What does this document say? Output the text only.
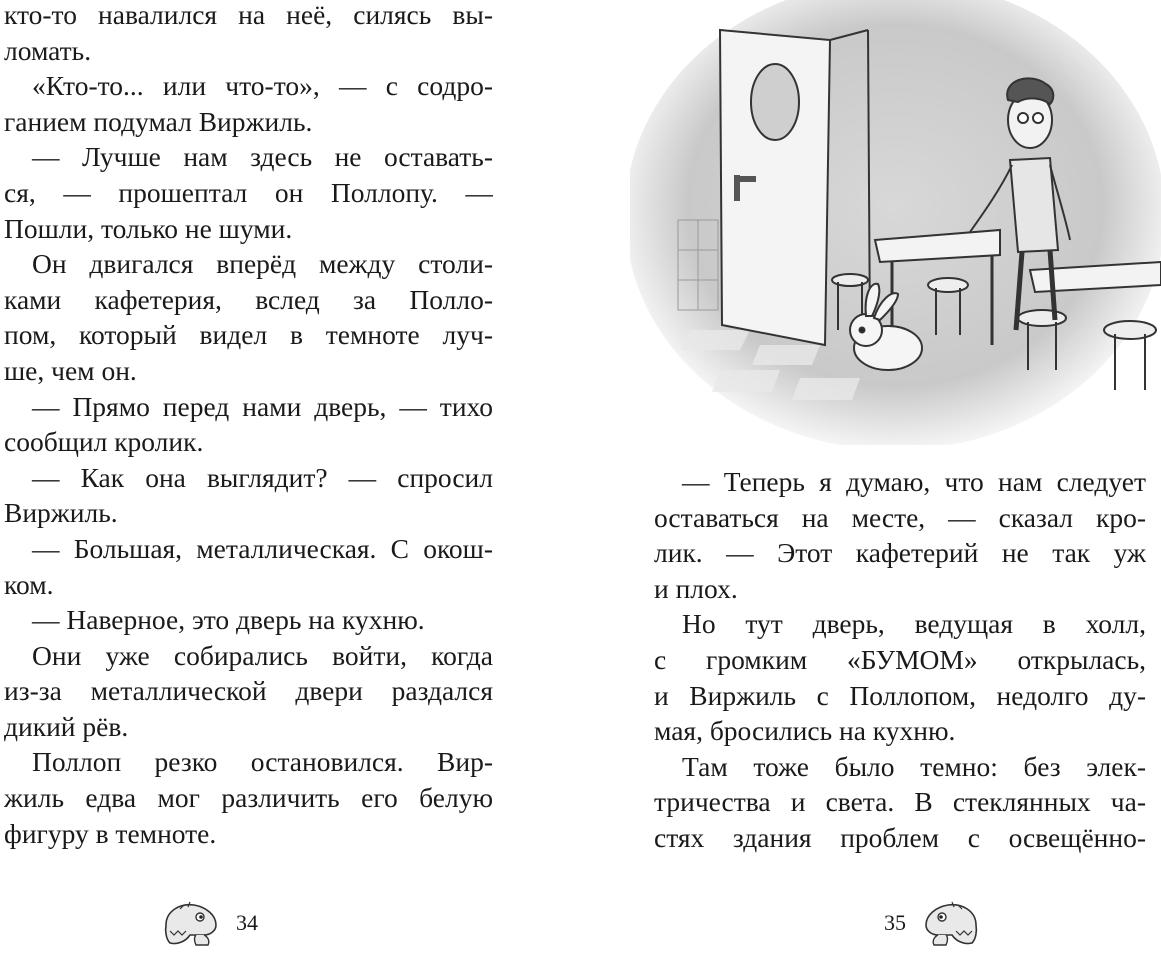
кто-то навалился на неё, силясь вы-
ломать.
«Кто-то... или что-то», — с содро-
ганием подумал Виржиль.
— Лучше нам здесь не оставать-
ся, — прошептал он Поллопу. —
Пошли, только не шуми.
Он двигался вперёд между столи-
ками кафетерия, вслед за Полло-
пом, который видел в темноте луч-
ше, чем он.
— Прямо перед нами дверь, — тихо
сообщил кролик.
— Как она выглядит? — спросил
Виржиль.
— Большая, металлическая. С окош-
ком.
— Наверное, это дверь на кухню.
Они уже собирались войти, когда
из-за металлической двери раздался
дикий рёв.
Поллоп резко остановился. Вир-
жиль едва мог различить его белую
фигуру в темноте.
34
— Теперь я думаю, что нам следует
оставаться на месте, — сказал кро-
лик. — Этот кафетерий не так уж
и плох.
Но тут дверь, ведущая в холл,
с громким «БУМОМ» открылась,
и Виржиль с Поллопом, недолго ду-
мая, бросились на кухню.
Там тоже было темно: без элек-
тричества и света. В стеклянных ча-
стях здания проблем с освещённо-
35
